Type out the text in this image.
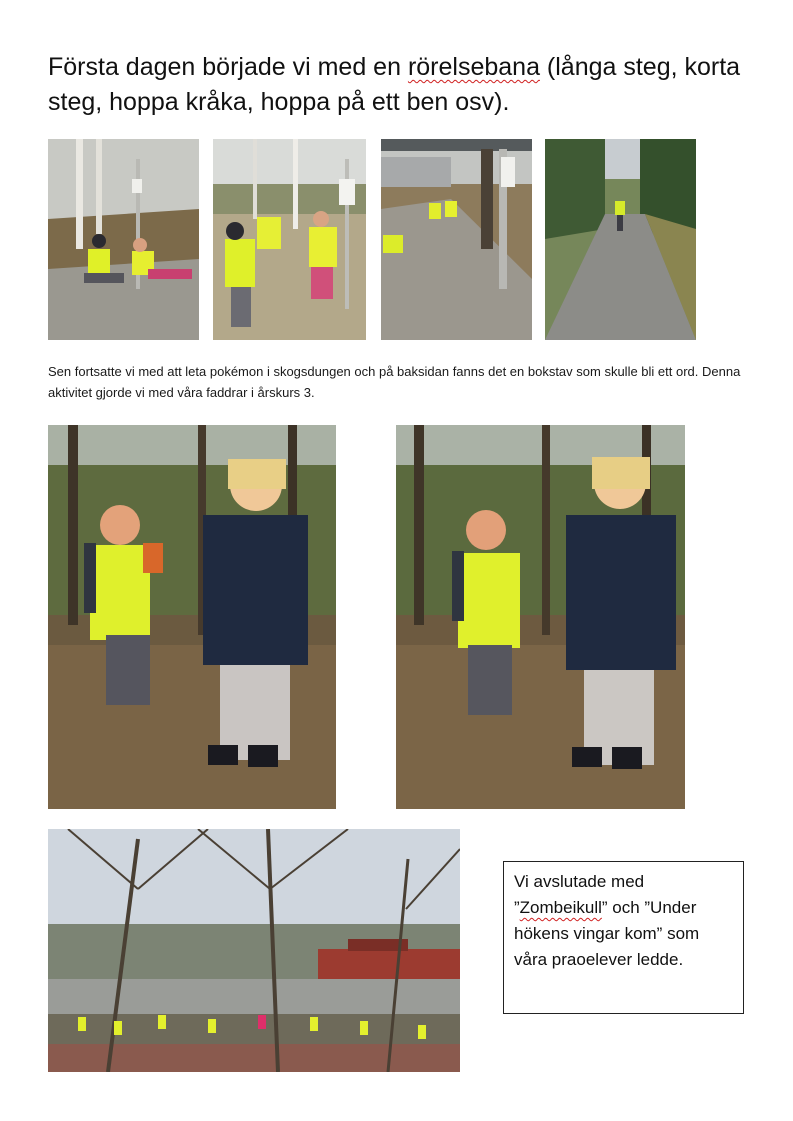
Första dagen började vi med en rörelsebana (långa steg, korta steg, hoppa kråka, hoppa på ett ben osv).
Sen fortsatte vi med att leta pokémon i skogsdungen och på baksidan fanns det en bokstav som skulle bli ett ord. Denna aktivitet gjorde vi med våra faddrar i årskurs 3.
Vi avslutade med ”Zombeikull” och ”Under hökens vingar kom” som våra praoelever ledde.
